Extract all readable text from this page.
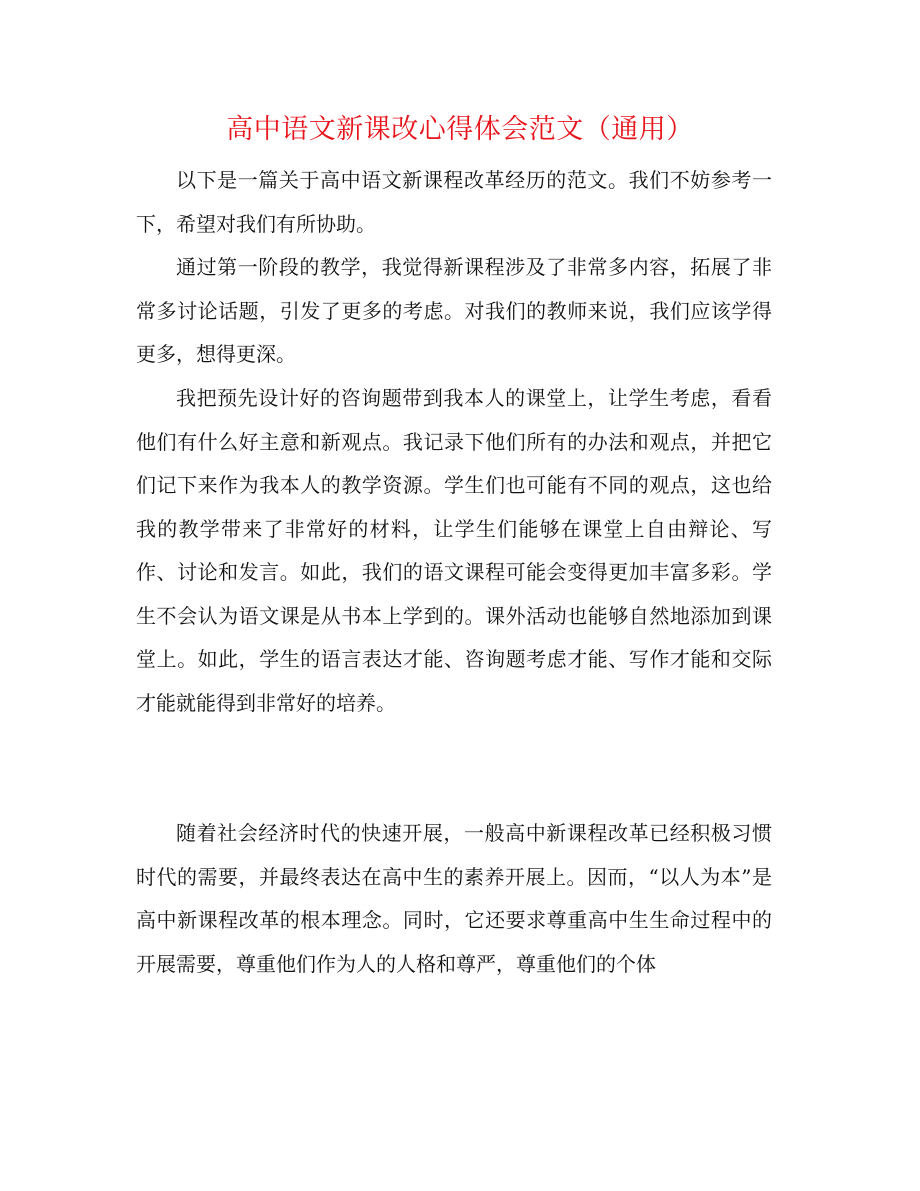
高中语文新课改心得体会范文（通用）

以下是一篇关于高中语文新课程改革经历的范文。我们不妨参考一下，希望对我们有所协助。

通过第一阶段的教学，我觉得新课程涉及了非常多内容，拓展了非常多讨论话题，引发了更多的考虑。对我们的教师来说，我们应该学得更多，想得更深。

我把预先设计好的咨询题带到我本人的课堂上，让学生考虑，看看他们有什么好主意和新观点。我记录下他们所有的办法和观点，并把它们记下来作为我本人的教学资源。学生们也可能有不同的观点，这也给我的教学带来了非常好的材料，让学生们能够在课堂上自由辩论、写作、讨论和发言。如此，我们的语文课程可能会变得更加丰富多彩。学生不会认为语文课是从书本上学到的。课外活动也能够自然地添加到课堂上。如此，学生的语言表达才能、咨询题考虑才能、写作才能和交际才能就能得到非常好的培养。

随着社会经济时代的快速开展，一般高中新课程改革已经积极习惯时代的需要，并最终表达在高中生的素养开展上。因而，“以人为本”是高中新课程改革的根本理念。同时，它还要求尊重高中生生命过程中的开展需要，尊重他们作为人的人格和尊严，尊重他们的个体
